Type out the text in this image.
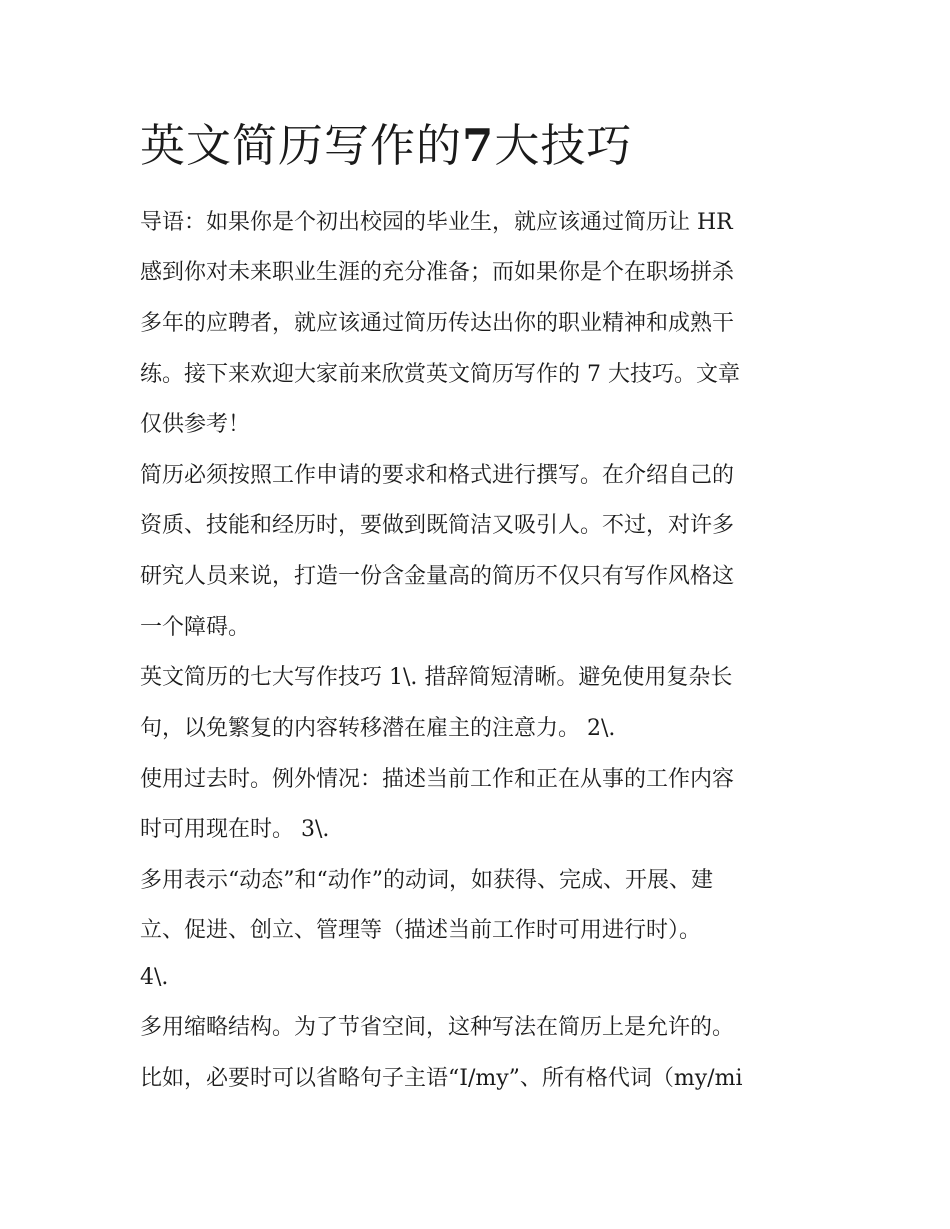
英文简历写作的7大技巧

导语：如果你是个初出校园的毕业生，就应该通过简历让 HR

感到你对未来职业生涯的充分准备；而如果你是个在职场拼杀

多年的应聘者，就应该通过简历传达出你的职业精神和成熟干

练。接下来欢迎大家前来欣赏英文简历写作的 7 大技巧。文章

仅供参考！

简历必须按照工作申请的要求和格式进行撰写。在介绍自己的

资质、技能和经历时，要做到既简洁又吸引人。不过，对许多

研究人员来说，打造一份含金量高的简历不仅只有写作风格这

一个障碍。

英文简历的七大写作技巧 1\. 措辞简短清晰。避免使用复杂长

句，以免繁复的内容转移潜在雇主的注意力。 2\.

使用过去时。例外情况：描述当前工作和正在从事的工作内容

时可用现在时。 3\.

多用表示“动态”和“动作”的动词，如获得、完成、开展、建

立、促进、创立、管理等（描述当前工作时可用进行时）。

4\.

多用缩略结构。为了节省空间，这种写法在简历上是允许的。

比如，必要时可以省略句子主语“I/my”、所有格代词（my/mi
